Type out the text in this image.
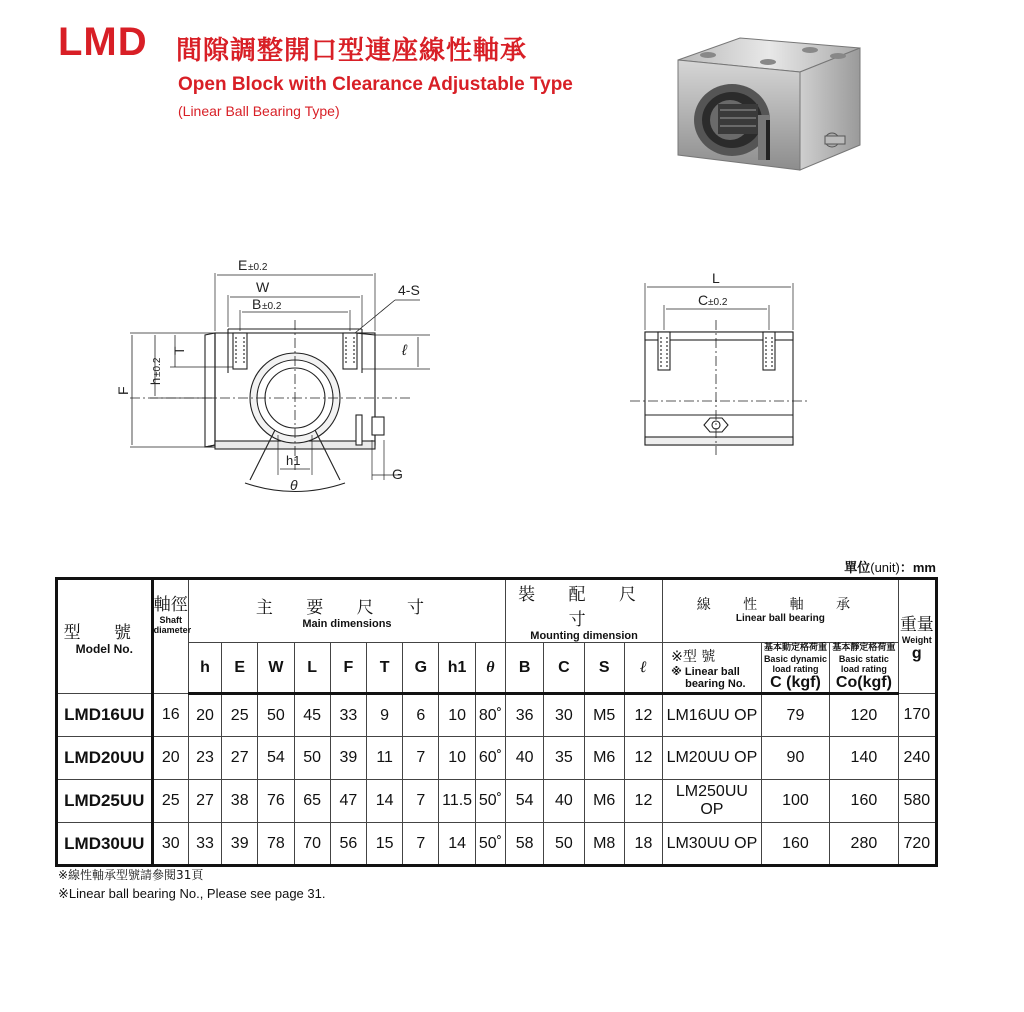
LMD 間隙調整開口型連座線性軸承
Open Block with Clearance Adjustable Type
(Linear Ball Bearing Type)
E ±0.2
W
B ±0.2
4-S
T
h
±0.2
F
ℓ
h1
θ
G
L
C ±0.2
單位(unit)：mm
型 號
Model No.	軸徑
Shaft
diameter	主 要 尺 寸
Main dimensions									裝 配 尺 寸
Mounting dimension				線 性 軸 承
Linear ball bearing			重量
Weight
g
		h	E	W	L	F	T	G	h1	θ	B	C	S	ℓ	※型 號
※ Linear ball
bearing No.	基本動定格荷重
Basic dynamic
load rating
C (kgf)	基本靜定格荷重
Basic static
load rating
Co(kgf)	
LMD16UU	16	20	25	50	45	33	9	6	10	80˚	36	30	M5	12	LM16UU OP	79	120	170
LMD20UU	20	23	27	54	50	39	11	7	10	60˚	40	35	M6	12	LM20UU OP	90	140	240
LMD25UU	25	27	38	76	65	47	14	7	11.5	50˚	54	40	M6	12	LM250UU OP	100	160	580
LMD30UU	30	33	39	78	70	56	15	7	14	50˚	58	50	M8	18	LM30UU OP	160	280	720
※線性軸承型號請參閱31頁
※Linear ball bearing No., Please see page 31.
